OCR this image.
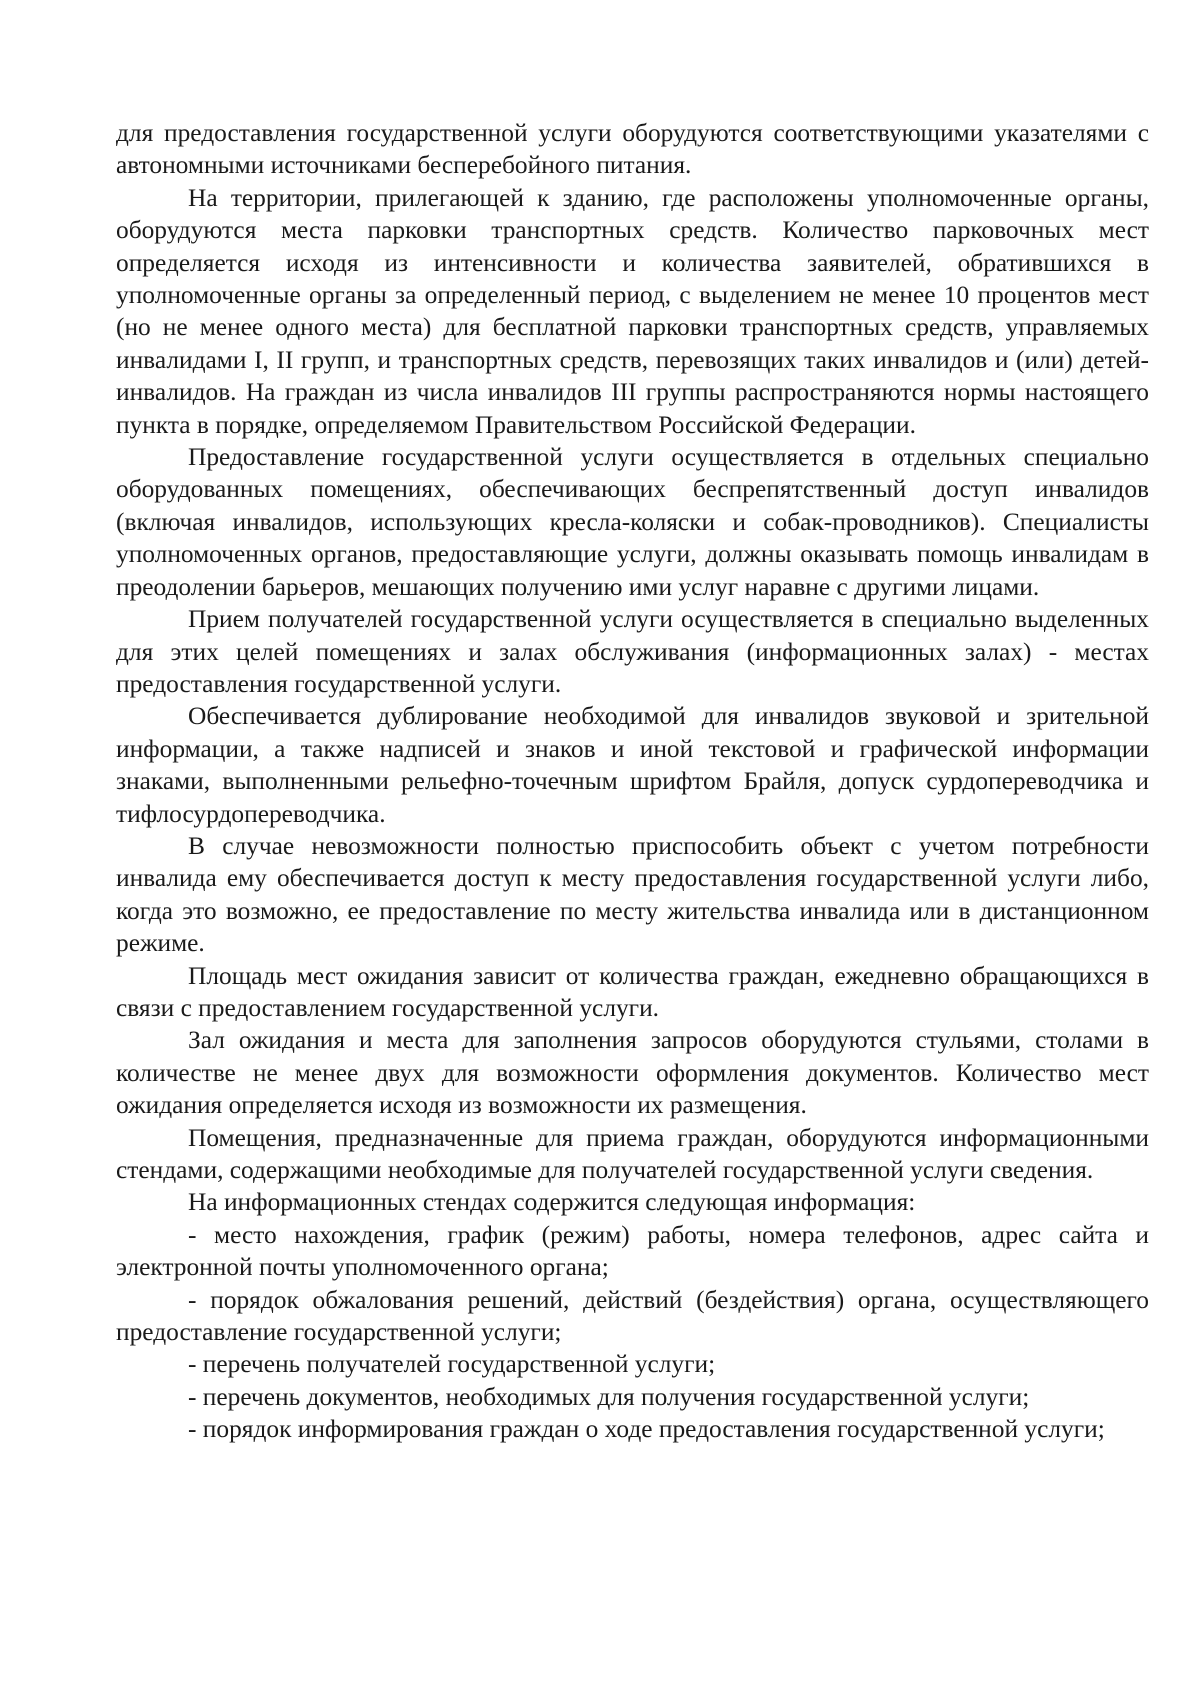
для предоставления государственной услуги оборудуются соответствующими указателями с автономными источниками бесперебойного питания.

На территории, прилегающей к зданию, где расположены уполномоченные органы, оборудуются места парковки транспортных средств. Количество парковочных мест определяется исходя из интенсивности и количества заявителей, обратившихся в уполномоченные органы за определенный период, с выделением не менее 10 процентов мест (но не менее одного места) для бесплатной парковки транспортных средств, управляемых инвалидами I, II групп, и транспортных средств, перевозящих таких инвалидов и (или) детей-инвалидов. На граждан из числа инвалидов III группы распространяются нормы настоящего пункта в порядке, определяемом Правительством Российской Федерации.

Предоставление государственной услуги осуществляется в отдельных специально оборудованных помещениях, обеспечивающих беспрепятственный доступ инвалидов (включая инвалидов, использующих кресла-коляски и собак-проводников). Специалисты уполномоченных органов, предоставляющие услуги, должны оказывать помощь инвалидам в преодолении барьеров, мешающих получению ими услуг наравне с другими лицами.

Прием получателей государственной услуги осуществляется в специально выделенных для этих целей помещениях и залах обслуживания (информационных залах) - местах предоставления государственной услуги.

Обеспечивается дублирование необходимой для инвалидов звуковой и зрительной информации, а также надписей и знаков и иной текстовой и графической информации знаками, выполненными рельефно-точечным шрифтом Брайля, допуск сурдопереводчика и тифлосурдопереводчика.

В случае невозможности полностью приспособить объект с учетом потребности инвалида ему обеспечивается доступ к месту предоставления государственной услуги либо, когда это возможно, ее предоставление по месту жительства инвалида или в дистанционном режиме.

Площадь мест ожидания зависит от количества граждан, ежедневно обращающихся в связи с предоставлением государственной услуги.

Зал ожидания и места для заполнения запросов оборудуются стульями, столами в количестве не менее двух для возможности оформления документов. Количество мест ожидания определяется исходя из возможности их размещения.

Помещения, предназначенные для приема граждан, оборудуются информационными стендами, содержащими необходимые для получателей государственной услуги сведения.

На информационных стендах содержится следующая информация:

- место нахождения, график (режим) работы, номера телефонов, адрес сайта и электронной почты уполномоченного органа;

- порядок обжалования решений, действий (бездействия) органа, осуществляющего предоставление государственной услуги;

- перечень получателей государственной услуги;

- перечень документов, необходимых для получения государственной услуги;

- порядок информирования граждан о ходе предоставления государственной услуги;
